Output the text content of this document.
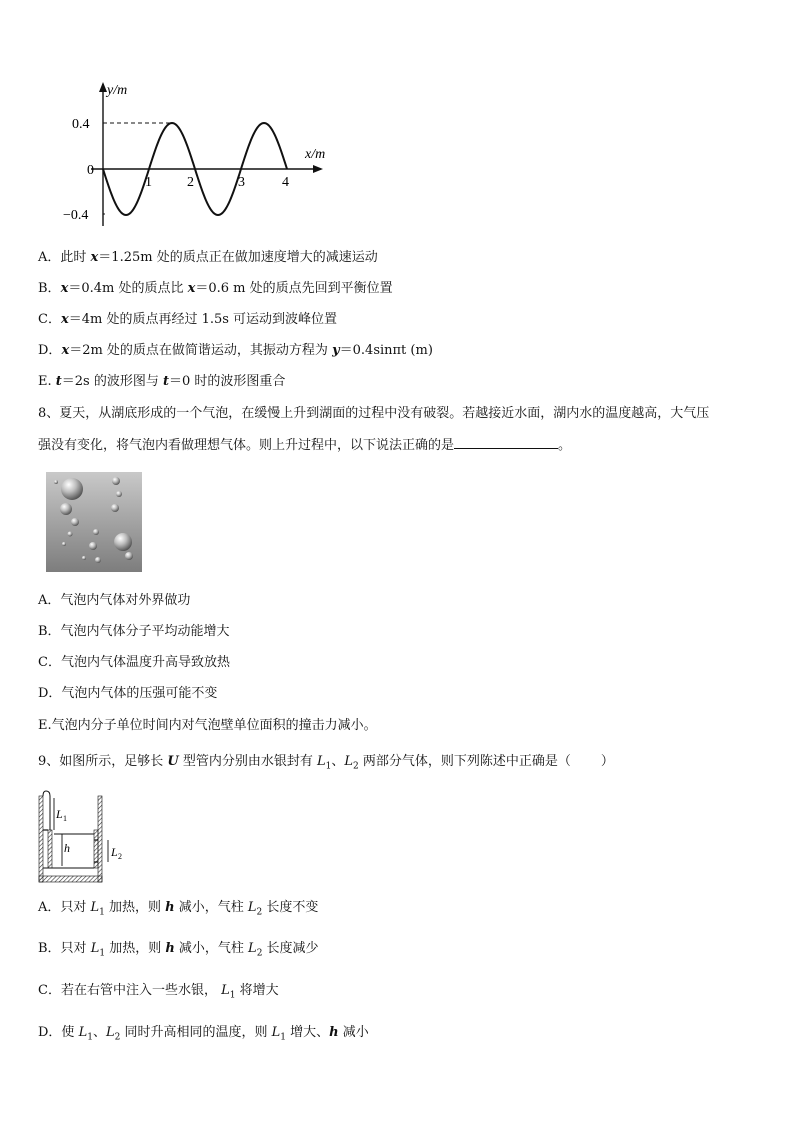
y/m
x/m
0.4
0
−0.4
1	2	3	4
A．此时 x＝1.25m 处的质点正在做加速度增大的减速运动
B．x＝0.4m 处的质点比 x＝0.6 m 处的质点先回到平衡位置
C．x＝4m 处的质点再经过 1.5s 可运动到波峰位置
D．x＝2m 处的质点在做简谐运动，其振动方程为 y＝0.4sinπt (m)
E. t＝2s 的波形图与 t＝0 时的波形图重合
8、夏天，从湖底形成的一个气泡，在缓慢上升到湖面的过程中没有破裂。若越接近水面，湖内水的温度越高，大气压
强没有变化，将气泡内看做理想气体。则上升过程中，以下说法正确的是	。
A．气泡内气体对外界做功
B．气泡内气体分子平均动能增大
C．气泡内气体温度升高导致放热
D．气泡内气体的压强可能不变
E.气泡内分子单位时间内对气泡壁单位面积的撞击力减小。
9、如图所示，足够长 U 型管内分别由水银封有 $L_1$、$L_2$ 两部分气体，则下列陈述中正确是（ ）
L 1
h	L 2
A．只对 $L_1$ 加热，则 h 减小，气柱 $L_2$ 长度不变
B．只对 $L_1$ 加热，则 h 减小，气柱 $L_2$ 长度减少
C．若在右管中注入一些水银， $L_1$ 将增大
D．使 $L_1$、$L_2$ 同时升高相同的温度，则 $L_1$ 增大、h 减小
